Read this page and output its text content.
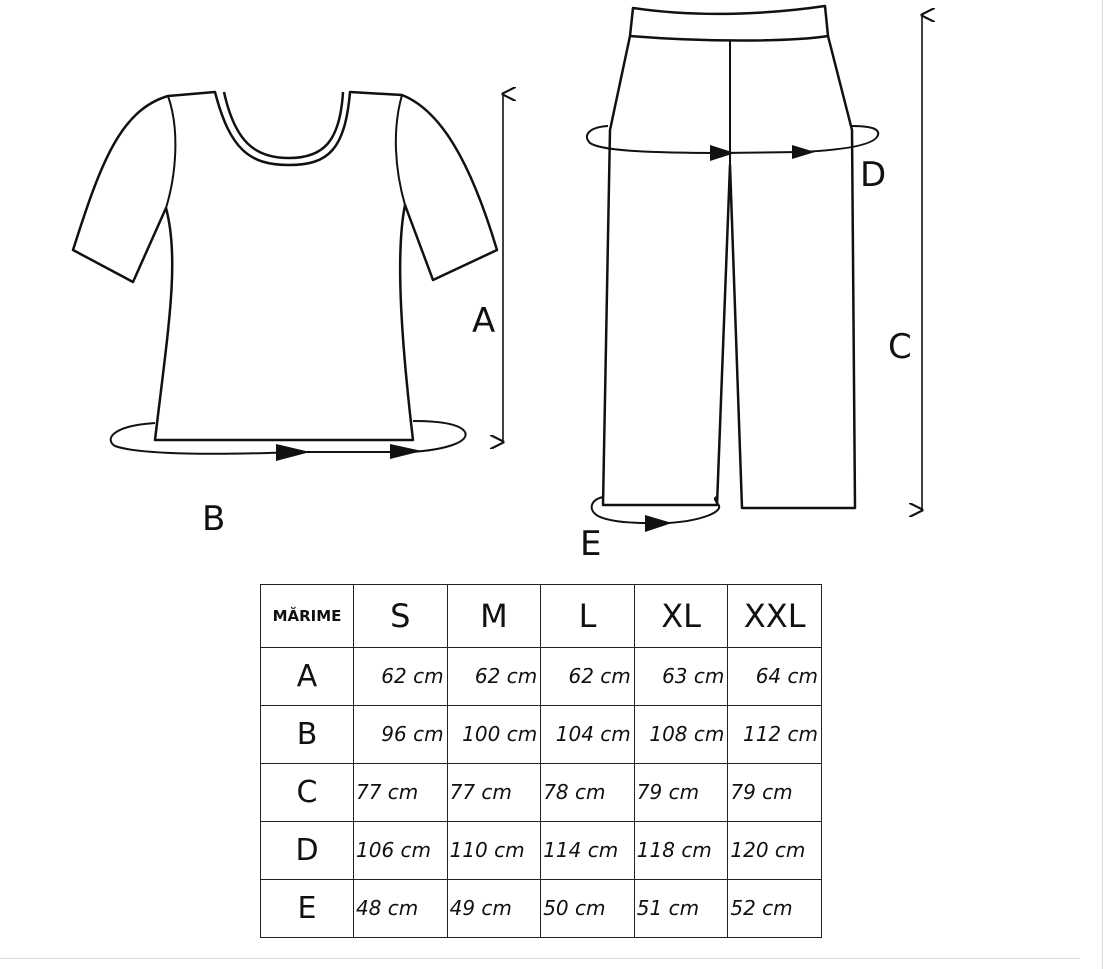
A
B
C
D
E
MĂRIME	S	M	L	XL	XXL
A	62 cm	62 cm	62 cm	63 cm	64 cm
B	96 cm	100 cm	104 cm	108 cm	112 cm
C	77 cm	77 cm	78 cm	79 cm	79 cm
D	106 cm	110 cm	114 cm	118 cm	120 cm
E	48 cm	49 cm	50 cm	51 cm	52 cm
